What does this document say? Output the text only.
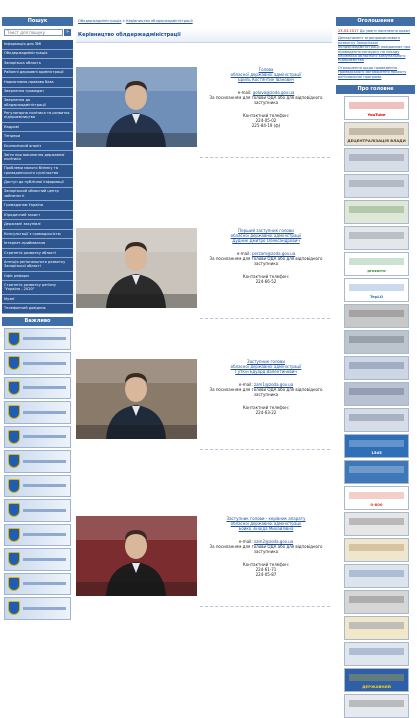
Пошук
Текст для пошуку
»
Інформація для ЗМІ
Облдержадміністрація
Запорізька область
Районні державні адміністрації
Нормативно-правова база
Звернення громадян
Звернення до облдержадміністрації
Регуляторна політика та розвиток підприємництва
Кадрові
Тендери
Економічний аналіз
Звіти про виконання державної політики
Проблеми малого бізнесу та громадянського суспільства
Доступ до публічної інформації
Запорізький обласний центр зайнятості
Громадянам України
Юридичний захист
Державні закупівлі
Консультації з громадськістю
Інтернет-приймальня
Стратегія розвитку області
Агенція регіонального розвитку Запорізької області
Офіс реформ
Стратегія розвитку регіону "Україна - 2020"
Музеї
Телефонний довідник
Важливо
Облдержадміністрація » Керівництво облдержадміністрації
Керівництво облдержадміністрації
Голова
обласної державної адміністрації
Бриль Костянтин Іванович
e-mail: golova@zoda.gov.ua
За посиланням для голови ОДА або для відповідного заступника
Контактний телефон:
224-05-02
225-84-19 (ф)
Перший заступник голови
обласної державної адміністрації
Дудник Дмитро Олександрович
e-mail: perzam@zoda.gov.ua
За посиланням для голови ОДА або для відповідного заступника
Контактний телефон:
224-66-52
Заступник голови
обласної державної адміністрації
Гуткін Едуард Валентинович
e-mail: zam1@zoda.gov.ua
За посиланням для голови ОДА або для відповідного заступника
Контактний телефон:
224-63-22
Заступник голови - керівник апарату
обласної державної адміністрації
Бойко Зінаїда Михайлівна
e-mail: zam2@zoda.gov.ua
За посиланням для голови ОДА або для відповідного заступника
Контактний телефон:
224-61-71
224-05-87
Оголошення

23.03.2017 До уваги населення краю!

Департамент агропромислового розвитку Запорізької облдержадміністрації повідомляє про проведення конкурсу на посаду керівника обласного комунального підприємства

Оголошення щодо проведення громадського обговорення проекту регіональної програми

Про головне
YouTube
ДЕЦЕНТРАЛІЗАЦІЯ ВЛАДИ
prozorro
TepLO
1545
0-800
ДЕРЖАВНИЙ
